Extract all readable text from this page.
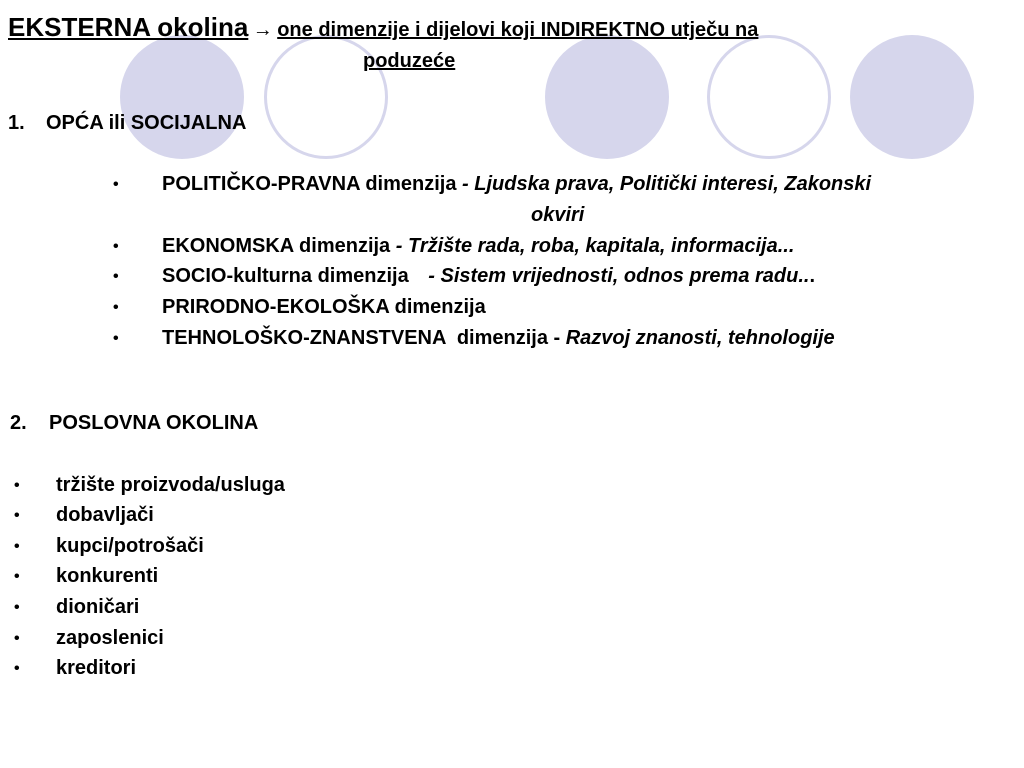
EKSTERNA okolina → one dimenzije i dijelovi koji INDIREKTNO utječu na
poduzeće
1. OPĆA ili SOCIJALNA
• POLITIČKO-PRAVNA dimenzija - Ljudska prava, Politički interesi, Zakonski
okviri
• EKONOMSKA dimenzija - Tržište rada, roba, kapitala, informacija...
• SOCIO-kulturna dimenzija - Sistem vrijednosti, odnos prema radu...
• PRIRODNO-EKOLOŠKA dimenzija
• TEHNOLOŠKO-ZNANSTVENA  dimenzija - Razvoj znanosti, tehnologije
2. POSLOVNA OKOLINA
• tržište proizvoda/usluga
• dobavljači
• kupci/potrošači
• konkurenti
• dioničari
• zaposlenici
• kreditori
